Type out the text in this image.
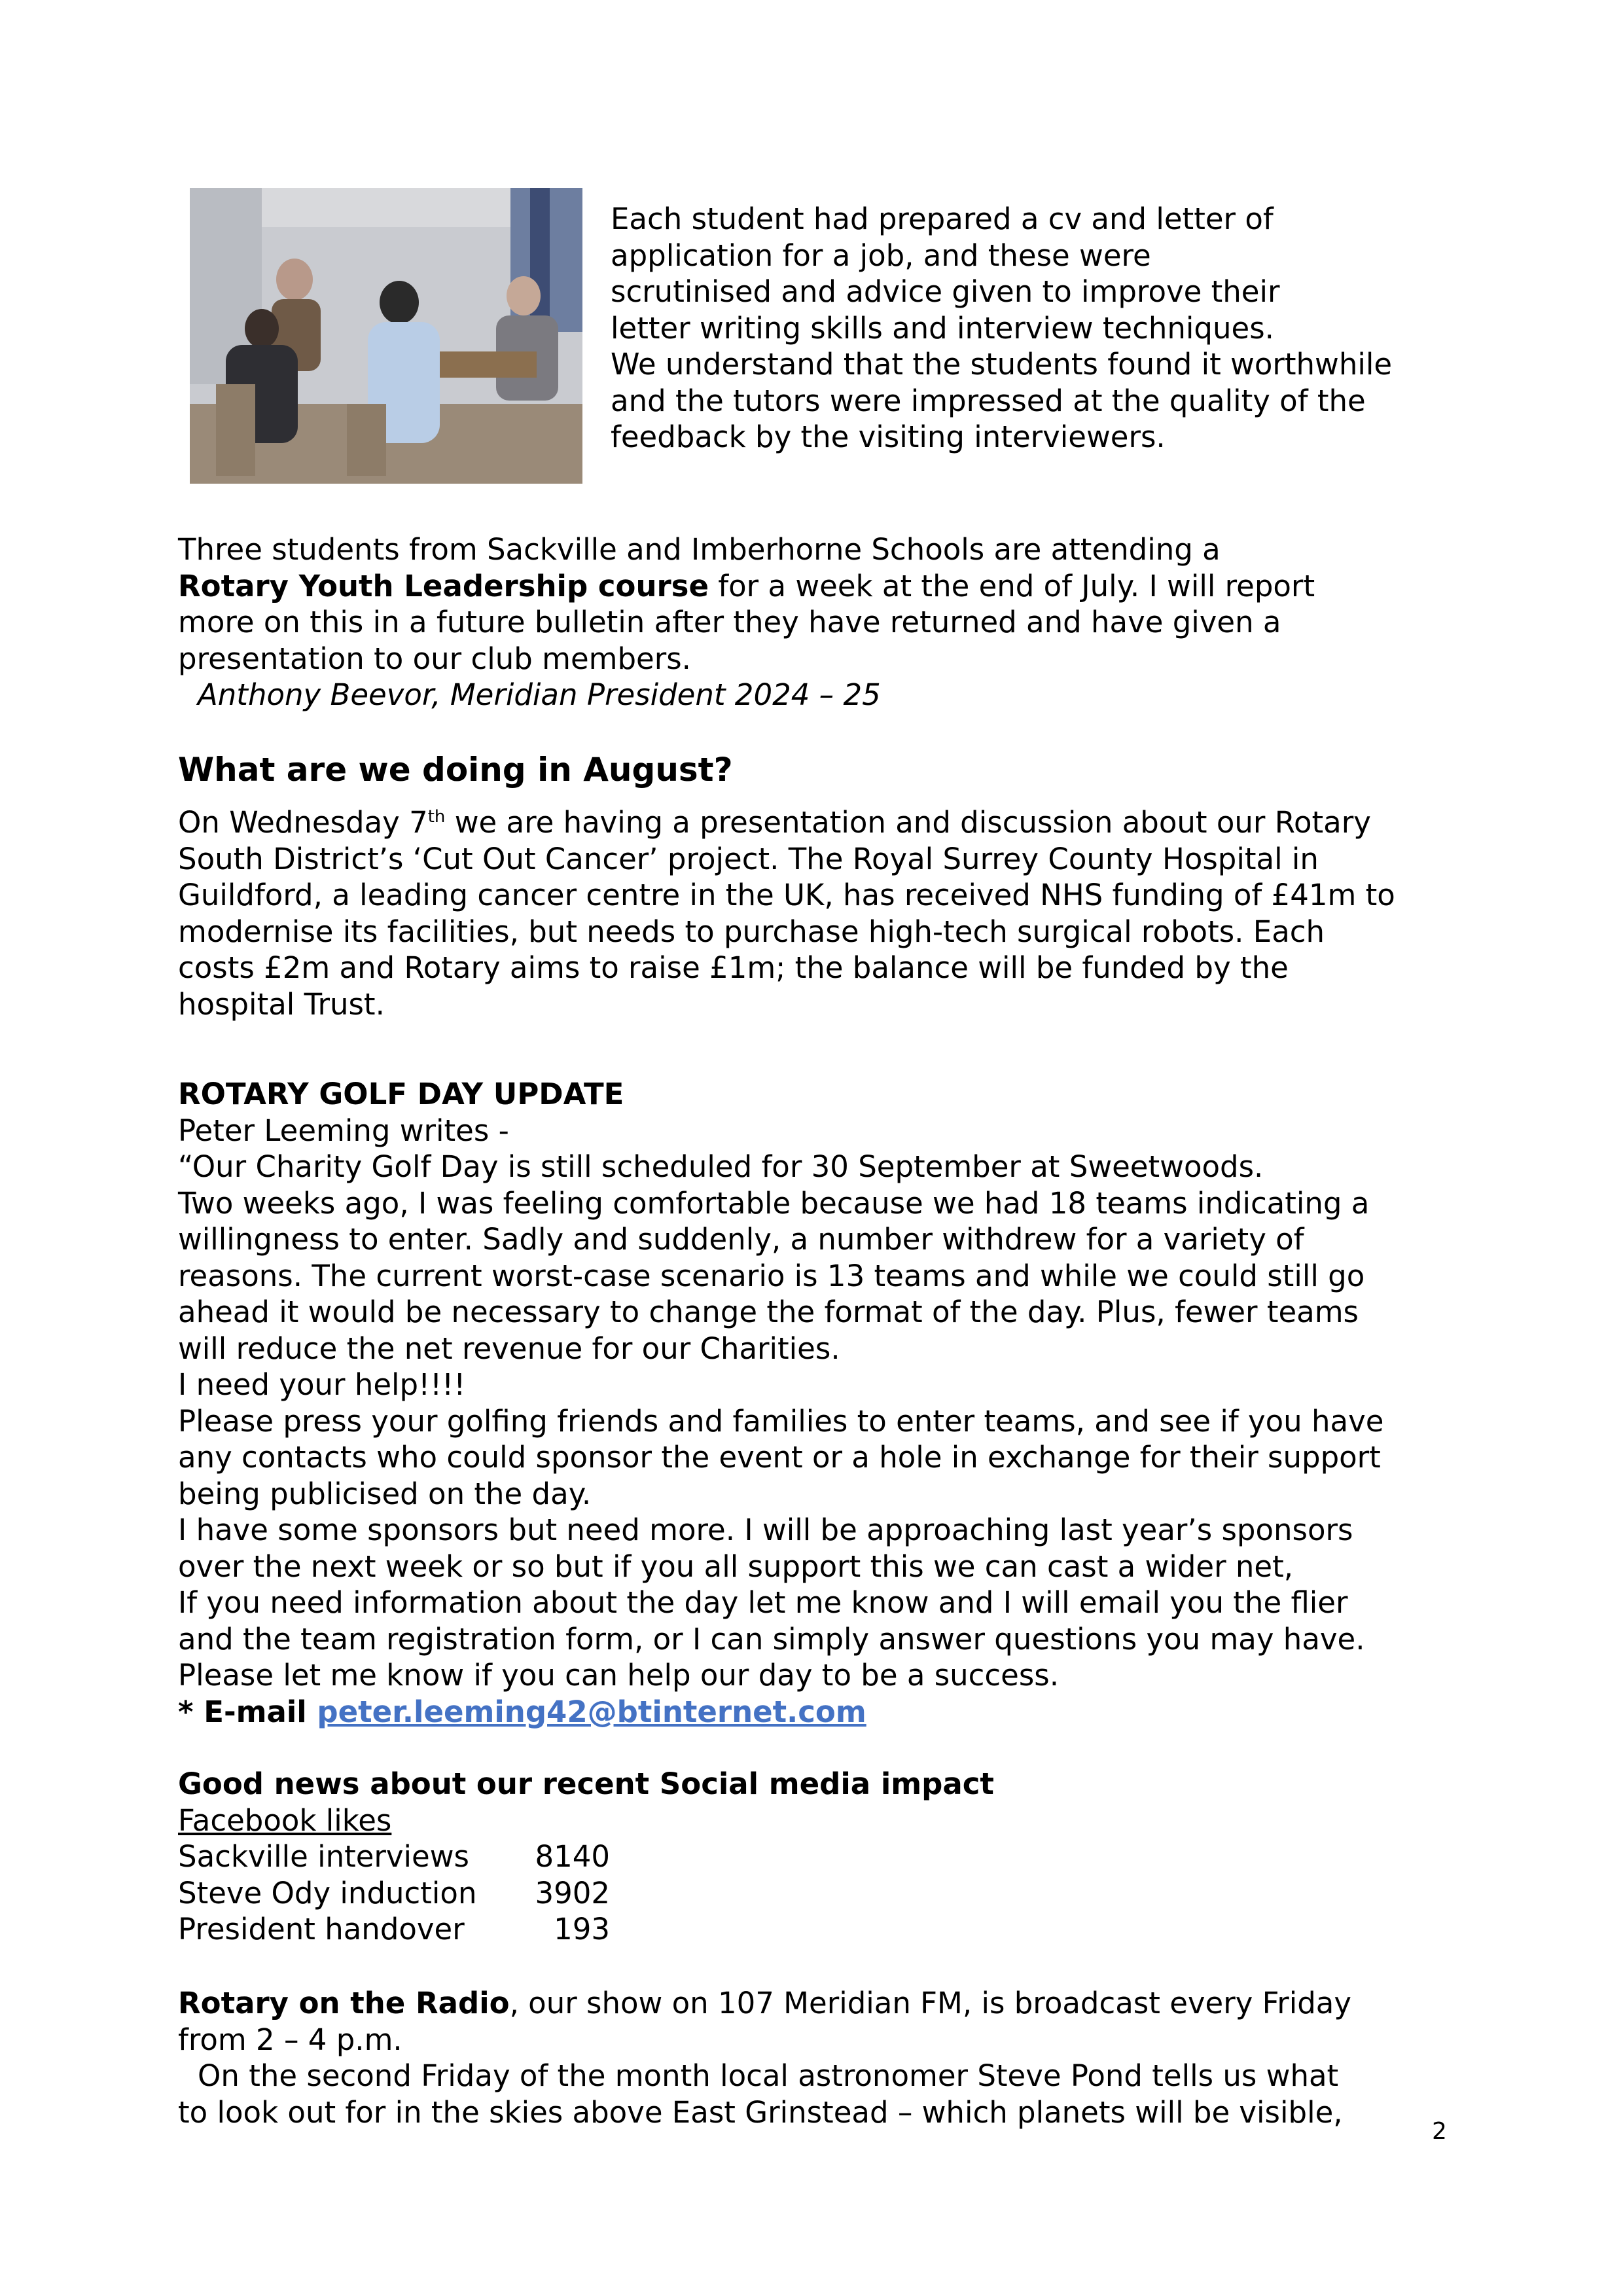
Each student had prepared a cv and letter of

application for a job, and these were

scrutinised and advice given to improve their

letter writing skills and interview techniques.

We understand that the students found it worthwhile

and the tutors were impressed at the quality of the

feedback by the visiting interviewers.

Three students from Sackville and Imberhorne Schools are attending a

Rotary Youth Leadership course for a week at the end of July. I will report

more on this in a future bulletin after they have returned and have given a

presentation to our club members.

Anthony Beevor, Meridian President 2024 – 25

What are we doing in August?

On Wednesday 7th we are having a presentation and discussion about our Rotary

South District’s ‘Cut Out Cancer’ project. The Royal Surrey County Hospital in

Guildford, a leading cancer centre in the UK, has received NHS funding of £41m to

modernise its facilities, but needs to purchase high-tech surgical robots. Each

costs £2m and Rotary aims to raise £1m; the balance will be funded by the

hospital Trust.

ROTARY GOLF DAY UPDATE

Peter Leeming writes -

“Our Charity Golf Day is still scheduled for 30 September at Sweetwoods.

Two weeks ago, I was feeling comfortable because we had 18 teams indicating a

willingness to enter. Sadly and suddenly, a number withdrew for a variety of

reasons. The current worst-case scenario is 13 teams and while we could still go

ahead it would be necessary to change the format of the day. Plus, fewer teams

will reduce the net revenue for our Charities.

I need your help!!!!

Please press your golfing friends and families to enter teams, and see if you have

any contacts who could sponsor the event or a hole in exchange for their support

being publicised on the day.

I have some sponsors but need more. I will be approaching last year’s sponsors

over the next week or so but if you all support this we can cast a wider net,

If you need information about the day let me know and I will email you the flier

and the team registration form, or I can simply answer questions you may have.

Please let me know if you can help our day to be a success.

* E-mail peter.leeming42@btinternet.com

Good news about our recent Social media impact
Facebook likes
Sackville interviews	8140
Steve Ody induction	3902
President handover	193

Rotary on the Radio, our show on 107 Meridian FM, is broadcast every Friday

from 2 – 4 p.m.

On the second Friday of the month local astronomer Steve Pond tells us what

to look out for in the skies above East Grinstead – which planets will be visible,

2
